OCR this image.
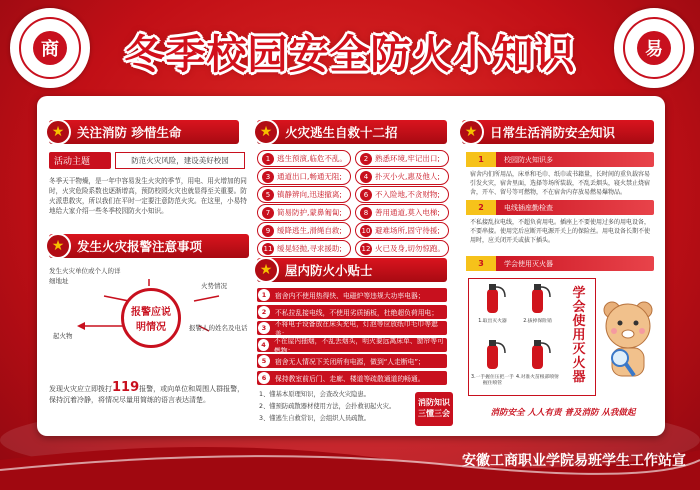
商	冬季校园安全防火小知识	易
★	关注消防 珍惜生命
活动主题	防范火灾风险，建设美好校园
冬季天干物燥，是一年中容易发生火灾的季节，用电、用火增加的同时，火灾危险系数也逐渐增高，预防校园火灾也就显得至关重要。防火派患救灾，所以我们在平时一定要注意防范火灾。在这里，小易特地给大家介绍一些冬季校园防火小知识。
★	发生火灾报警注意事项
报警应说明情况
发生火灾单位或个人的详细地址
火势情况
起火物
报警人的姓名及电话
发现火灾应立即拨打119报警，或向单位和周围人群报警，保持沉着冷静，将情况尽量用简练的语言表达清楚。
★	火灾逃生自救十二招
1 逃生预演,临危不乱。	2 熟悉环境,牢记出口;
3 通道出口,畅通无阻;	4 扑灭小火,惠及他人;
5 镇静辨向,迅速撤离;	6 不入险地,不贪财物;
7 简易防护,蒙鼻匍匐;	8 善用通道,莫入电梯;
9 缓降逃生,滑绳自救;	10 避难场所,固守待援;
11 缓晃轻抛,寻求援助;	12 火已及身,切勿惊跑。
★	屋内防火小贴士
1	宿舍内不使用热得快、电磁炉等违规大功率电器；
2	不私拉乱接电线，不使用劣质插板，杜绝超负荷用电；
3	不将电子设备放在床头充电，灯泡等应放纸巾毛巾等遮盖；
4	不在屋内抽烟，不乱丢烟头，明火要远离床单、窗帘等可燃物；
5	宿舍无人情况下关闭所有电源，做到“人走断电”；
6	保持教室前后门、走廊、楼道等疏散通道的畅通。
1、懂基本原理知识，会查改火灾隐患。
2、懂预防疏散器材使用方法，会扑救初起火灾。
3、懂逃生自救常识，会组织人员疏散。
消防知识三懂三会
★	日常生活消防安全知识
1	校园防火知识多
宿舍内们所用品，床单和毛巾、纸巾或书籍量，长时间的重负载容易引发火灾，宿舍里面，选择等场所装载，不乱丢烟头，寝火禁止烧宿舍，开车、留号等可燃物，不在宿舍内存放易燃易爆物品。
2	电线插座勤检查
不私接乱拉电线，不超负荷用电。插座上不要使用过多的用电设备，不要串接。使用完后应断开电源开关上的保险丝。用电设备长期不使用时，应关闭开关或拔下插头。
3	学会使用灭火器
1.取出灭火器	2.拔掉保险销
3.一手握住压把一手握住喷管
4.对准火苗根部喷射
学会使用灭火器
消防安全 人人有责 普及消防 从我做起
安徽工商职业学院易班学生工作站宣
